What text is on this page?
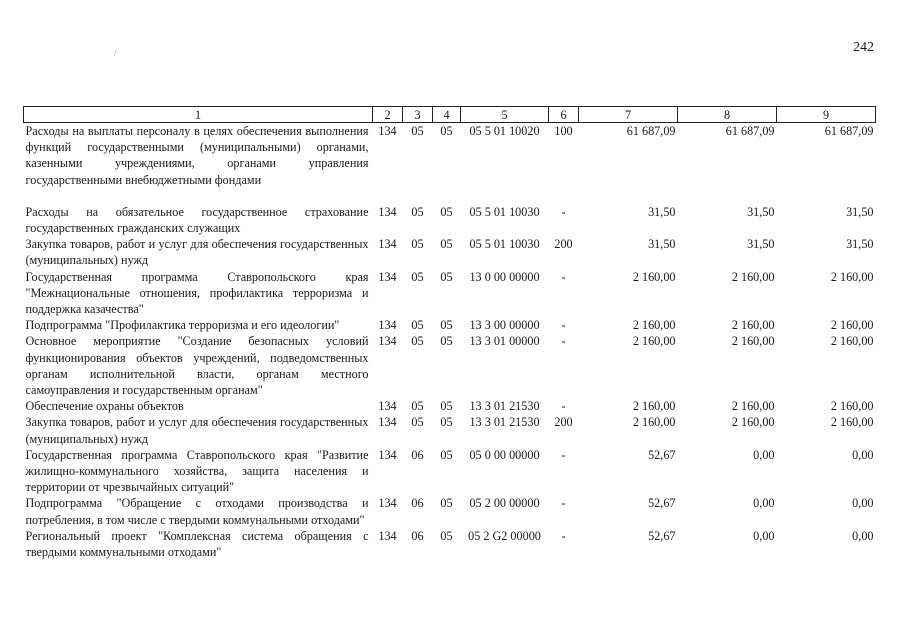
242
/
1	2	3	4	5	6	7	8	9
Расходы на выплаты персоналу в целях обеспечения выполнения функций государственными (муниципальными) органами, казенными учреждениями, органами управления государственными внебюджетными фондами	134	05	05	05 5 01 10020	100	61 687,09	61 687,09	61 687,09

Расходы на обязательное государственное страхование государственных гражданских служащих	134	05	05	05 5 01 10030	-	31,50	31,50	31,50
Закупка товаров, работ и услуг для обеспечения государственных (муниципальных) нужд	134	05	05	05 5 01 10030	200	31,50	31,50	31,50
Государственная программа Ставропольского края "Межнациональные отношения, профилактика терроризма и поддержка казачества"	134	05	05	13 0 00 00000	-	2 160,00	2 160,00	2 160,00
Подпрограмма "Профилактика терроризма и его идеологии"	134	05	05	13 3 00 00000	-	2 160,00	2 160,00	2 160,00
Основное мероприятие "Создание безопасных условий функционирования объектов учреждений, подведомственных органам исполнительной власти, органам местного самоуправления и государственным органам"	134	05	05	13 3 01 00000	-	2 160,00	2 160,00	2 160,00
Обеспечение охраны объектов	134	05	05	13 3 01 21530	-	2 160,00	2 160,00	2 160,00
Закупка товаров, работ и услуг для обеспечения государственных (муниципальных) нужд	134	05	05	13 3 01 21530	200	2 160,00	2 160,00	2 160,00
Государственная программа Ставропольского края "Развитие жилищно-коммунального хозяйства, защита населения и территории от чрезвычайных ситуаций"	134	06	05	05 0 00 00000	-	52,67	0,00	0,00
Подпрограмма "Обращение с отходами производства и потребления, в том числе с твердыми коммунальными отходами"	134	06	05	05 2 00 00000	-	52,67	0,00	0,00
Региональный проект "Комплексная система обращения с твердыми коммунальными отходами"	134	06	05	05 2 G2 00000	-	52,67	0,00	0,00
